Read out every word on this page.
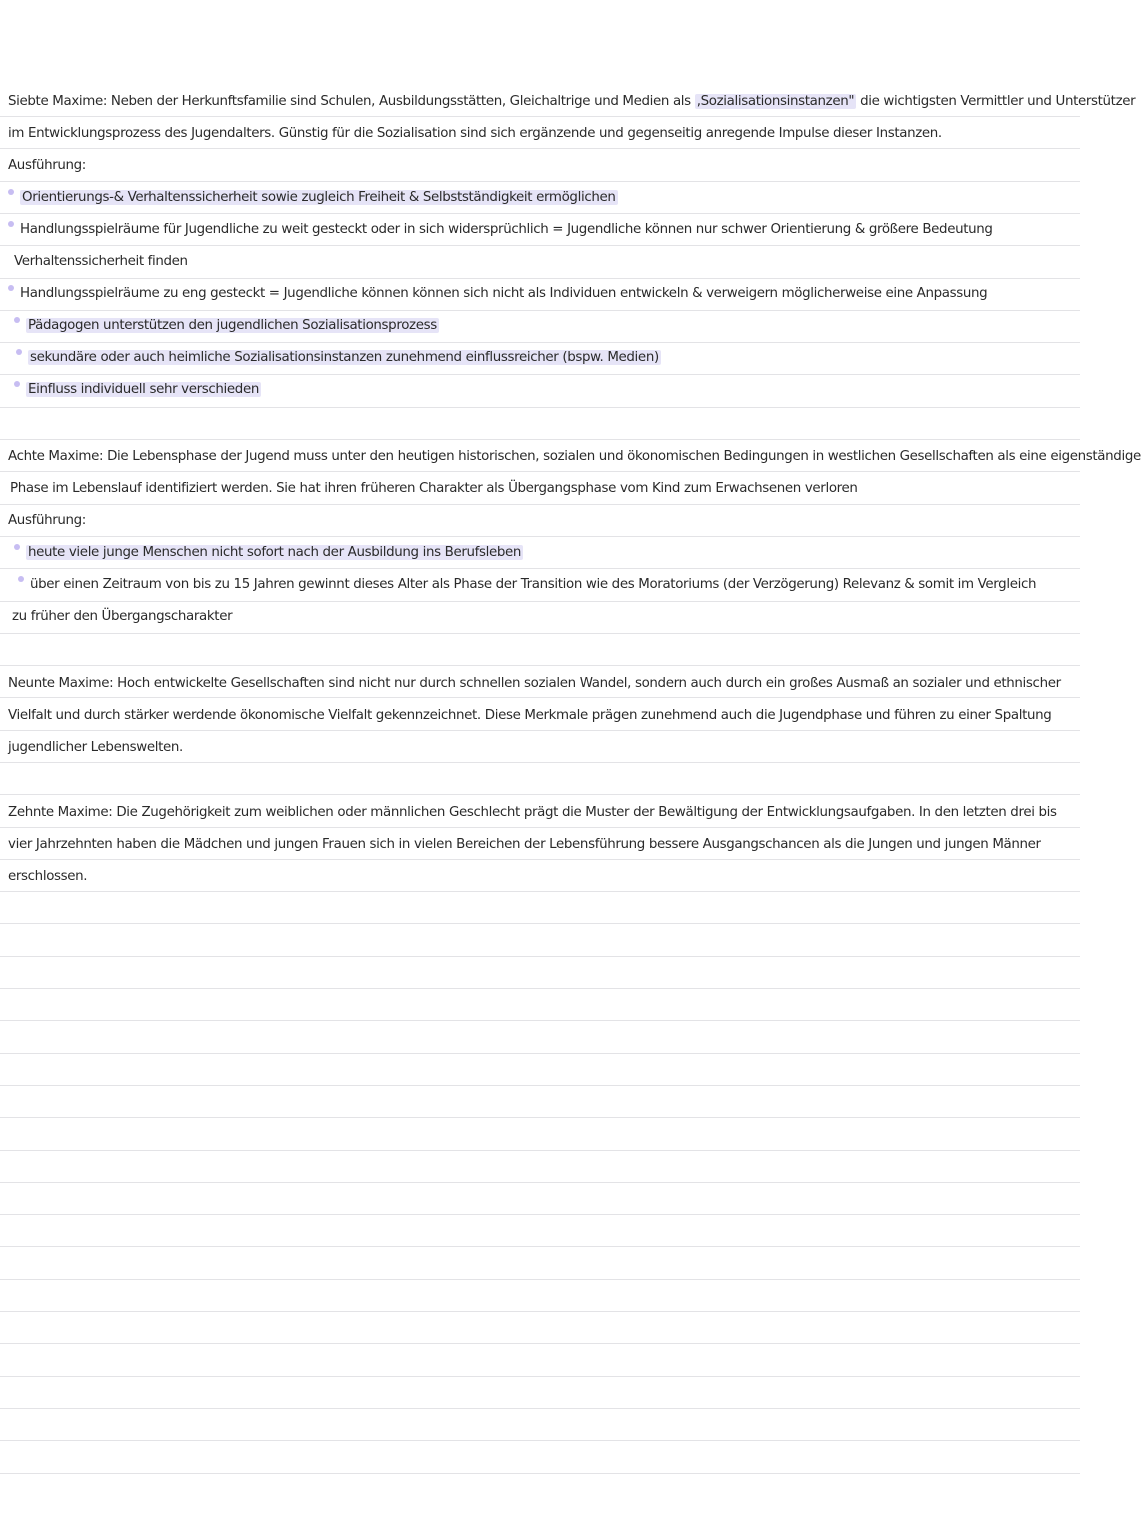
Siebte Maxime: Neben der Herkunftsfamilie sind Schulen, Ausbildungsstätten, Gleichaltrige und Medien als ,Sozialisationsinstanzen" die wichtigsten Vermittler und Unterstützer
im Entwicklungsprozess des Jugendalters. Günstig für die Sozialisation sind sich ergänzende und gegenseitig anregende Impulse dieser Instanzen.
Ausführung:
Orientierungs-& Verhaltenssicherheit sowie zugleich Freiheit & Selbstständigkeit ermöglichen
Handlungsspielräume für Jugendliche zu weit gesteckt oder in sich widersprüchlich = Jugendliche können nur schwer Orientierung & größere Bedeutung
Verhaltenssicherheit finden
Handlungsspielräume zu eng gesteckt = Jugendliche können können sich nicht als Individuen entwickeln & verweigern möglicherweise eine Anpassung
Pädagogen unterstützen den jugendlichen Sozialisationsprozess
sekundäre oder auch heimliche Sozialisationsinstanzen zunehmend einflussreicher (bspw. Medien)
Einfluss individuell sehr verschieden
Achte Maxime: Die Lebensphase der Jugend muss unter den heutigen historischen, sozialen und ökonomischen Bedingungen in westlichen Gesellschaften als eine eigenständige
Phase im Lebenslauf identifiziert werden. Sie hat ihren früheren Charakter als Übergangsphase vom Kind zum Erwachsenen verloren
Ausführung:
heute viele junge Menschen nicht sofort nach der Ausbildung ins Berufsleben
über einen Zeitraum von bis zu 15 Jahren gewinnt dieses Alter als Phase der Transition wie des Moratoriums (der Verzögerung) Relevanz & somit im Vergleich
zu früher den Übergangscharakter
Neunte Maxime: Hoch entwickelte Gesellschaften sind nicht nur durch schnellen sozialen Wandel, sondern auch durch ein großes Ausmaß an sozialer und ethnischer
Vielfalt und durch stärker werdende ökonomische Vielfalt gekennzeichnet. Diese Merkmale prägen zunehmend auch die Jugendphase und führen zu einer Spaltung
jugendlicher Lebenswelten.
Zehnte Maxime: Die Zugehörigkeit zum weiblichen oder männlichen Geschlecht prägt die Muster der Bewältigung der Entwicklungsaufgaben. In den letzten drei bis
vier Jahrzehnten haben die Mädchen und jungen Frauen sich in vielen Bereichen der Lebensführung bessere Ausgangschancen als die Jungen und jungen Männer
erschlossen.
